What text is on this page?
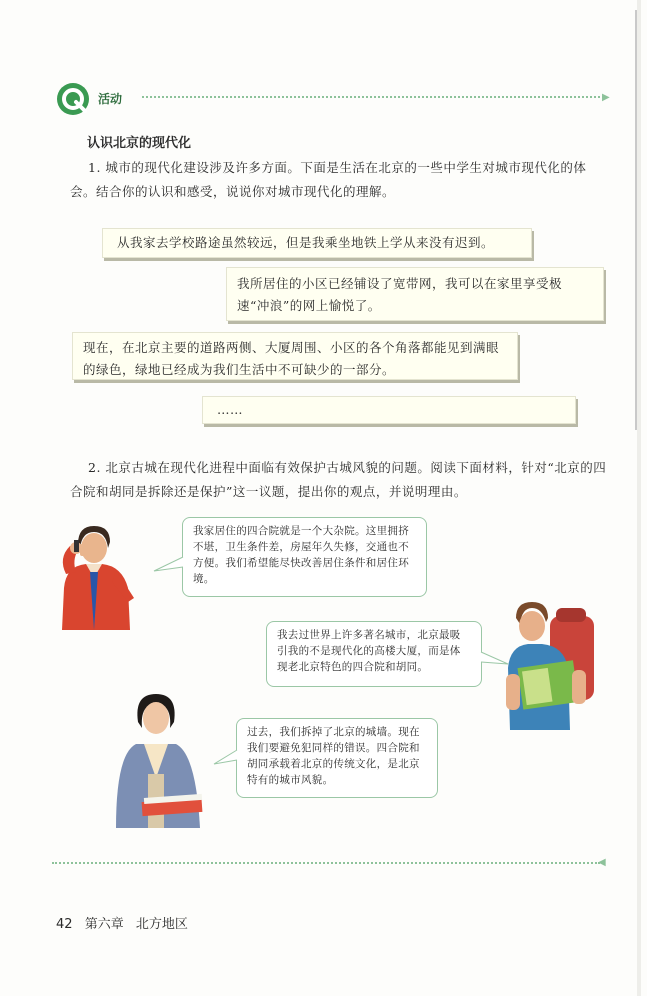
活动	▶
认识北京的现代化
1. 城市的现代化建设涉及许多方面。下面是生活在北京的一些中学生对城市现代化的体会。结合你的认识和感受，说说你对城市现代化的理解。
从我家去学校路途虽然较远，但是我乘坐地铁上学从来没有迟到。
我所居住的小区已经铺设了宽带网，我可以在家里享受极速“冲浪”的网上愉悦了。
现在，在北京主要的道路两侧、大厦周围、小区的各个角落都能见到满眼的绿色，绿地已经成为我们生活中不可缺少的一部分。
……
2. 北京古城在现代化进程中面临有效保护古城风貌的问题。阅读下面材料，针对“北京的四合院和胡同是拆除还是保护”这一议题，提出你的观点，并说明理由。
我家居住的四合院就是一个大杂院。这里拥挤不堪，卫生条件差，房屋年久失修，交通也不方便。我们希望能尽快改善居住条件和居住环境。
我去过世界上许多著名城市，北京最吸引我的不是现代化的高楼大厦，而是体现老北京特色的四合院和胡同。
过去，我们拆掉了北京的城墙。现在我们要避免犯同样的错误。四合院和胡同承载着北京的传统文化，是北京特有的城市风貌。
◀
42 第六章 北方地区
